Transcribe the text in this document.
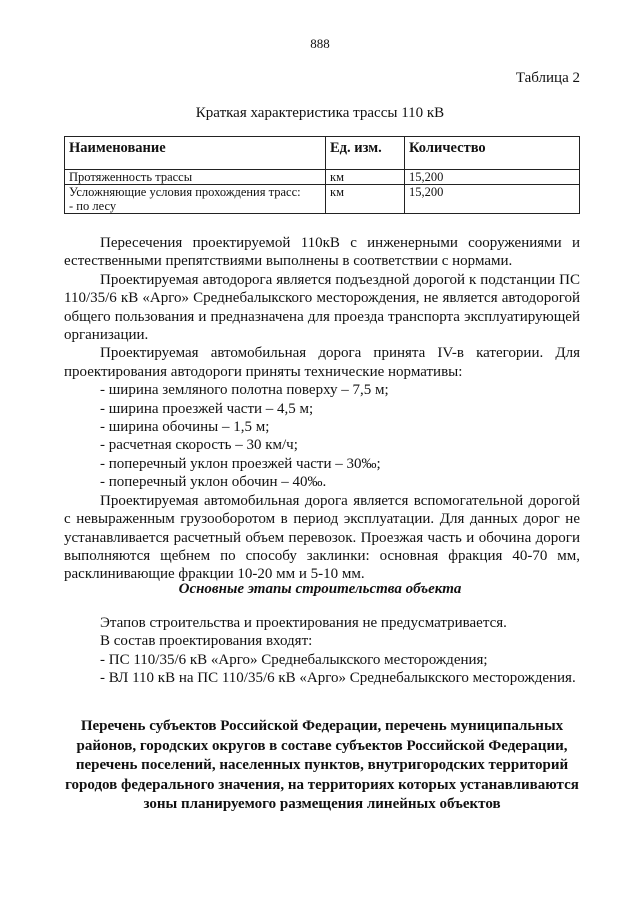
888
Таблица 2
Краткая характеристика трассы 110 кВ
Наименование	Ед. изм.	Количество
Протяженность трассы	км	15,200
Усложняющие условия прохождения трасс:
- по лесу	км	15,200

Пересечения проектируемой 110кВ с инженерными сооружениями и естественными препятствиями выполнены в соответствии с нормами.

Проектируемая автодорога является подъездной дорогой к подстанции ПС 110/35/6 кВ «Арго» Среднебалыкского месторождения, не является автодорогой общего пользования и предназначена для проезда транспорта эксплуатирующей организации.

Проектируемая автомобильная дорога принята IV-в категории. Для проектирования автодороги приняты технические нормативы:

- ширина земляного полотна поверху – 7,5 м;

- ширина проезжей части – 4,5 м;

- ширина обочины – 1,5 м;

- расчетная скорость – 30 км/ч;

- поперечный уклон проезжей части – 30‰;

- поперечный уклон обочин – 40‰.

Проектируемая автомобильная дорога является вспомогательной дорогой с невыраженным грузооборотом в период эксплуатации. Для данных дорог не устанавливается расчетный объем перевозок. Проезжая часть и обочина дороги выполняются щебнем по способу заклинки: основная фракция 40-70 мм, расклинивающие фракции 10-20 мм и 5-10 мм.

Основные этапы строительства объекта

Этапов строительства и проектирования не предусматривается.

В состав проектирования входят:

- ПС 110/35/6 кВ «Арго» Среднебалыкского месторождения;

- ВЛ 110 кВ на ПС 110/35/6 кВ «Арго» Среднебалыкского месторождения.

Перечень субъектов Российской Федерации, перечень муниципальных районов, городских округов в составе субъектов Российской Федерации, перечень поселений, населенных пунктов, внутригородских территорий городов федерального значения, на территориях которых устанавливаются зоны планируемого размещения линейных объектов
